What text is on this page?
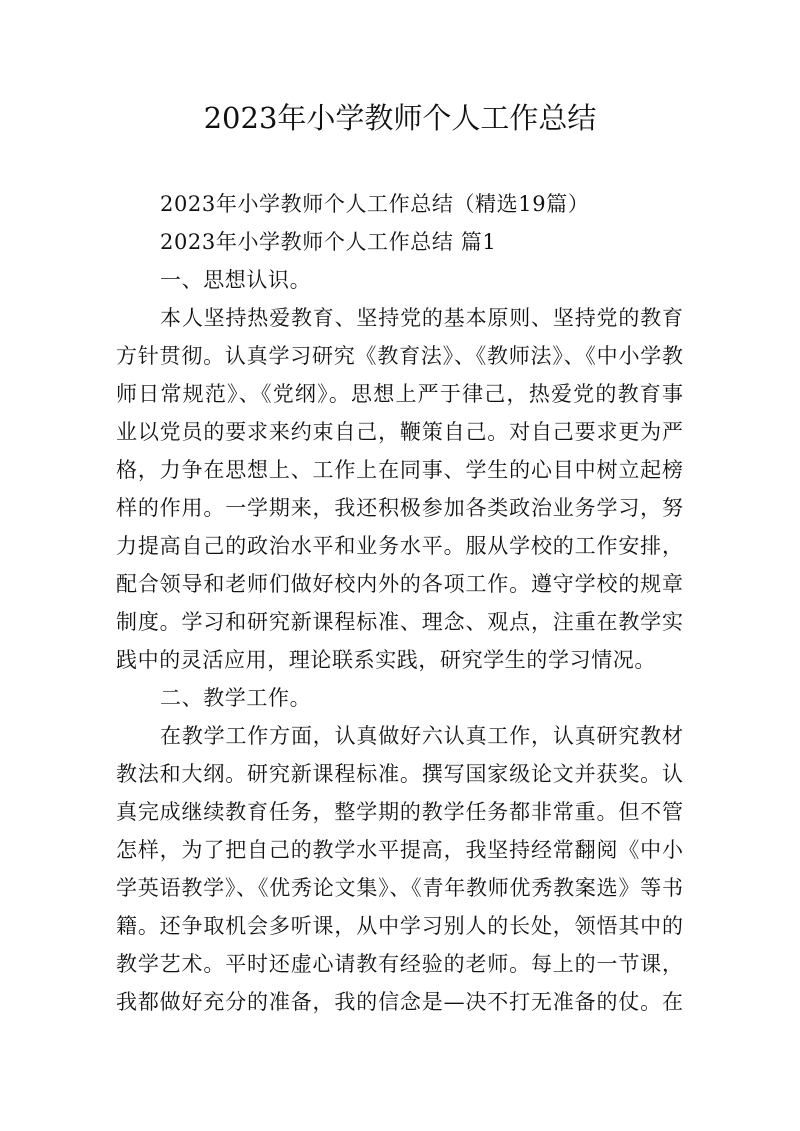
2023年小学教师个人工作总结
2023年小学教师个人工作总结（精选19篇）
2023年小学教师个人工作总结 篇1
一、思想认识。
本人坚持热爱教育、坚持党的基本原则、坚持党的教育
方针贯彻。认真学习研究《教育法》、《教师法》、《中小学教
师日常规范》、《党纲》。思想上严于律己，热爱党的教育事
业以党员的要求来约束自己，鞭策自己。对自己要求更为严
格，力争在思想上、工作上在同事、学生的心目中树立起榜
样的作用。一学期来，我还积极参加各类政治业务学习，努
力提高自己的政治水平和业务水平。服从学校的工作安排，
配合领导和老师们做好校内外的各项工作。遵守学校的规章
制度。学习和研究新课程标准、理念、观点，注重在教学实
践中的灵活应用，理论联系实践，研究学生的学习情况。
二、教学工作。
在教学工作方面，认真做好六认真工作，认真研究教材
教法和大纲。研究新课程标准。撰写国家级论文并获奖。认
真完成继续教育任务，整学期的教学任务都非常重。但不管
怎样，为了把自己的教学水平提高，我坚持经常翻阅《中小
学英语教学》、《优秀论文集》、《青年教师优秀教案选》等书
籍。还争取机会多听课，从中学习别人的长处，领悟其中的
教学艺术。平时还虚心请教有经验的老师。每上的一节课，
我都做好充分的准备，我的信念是—决不打无准备的仗。在
